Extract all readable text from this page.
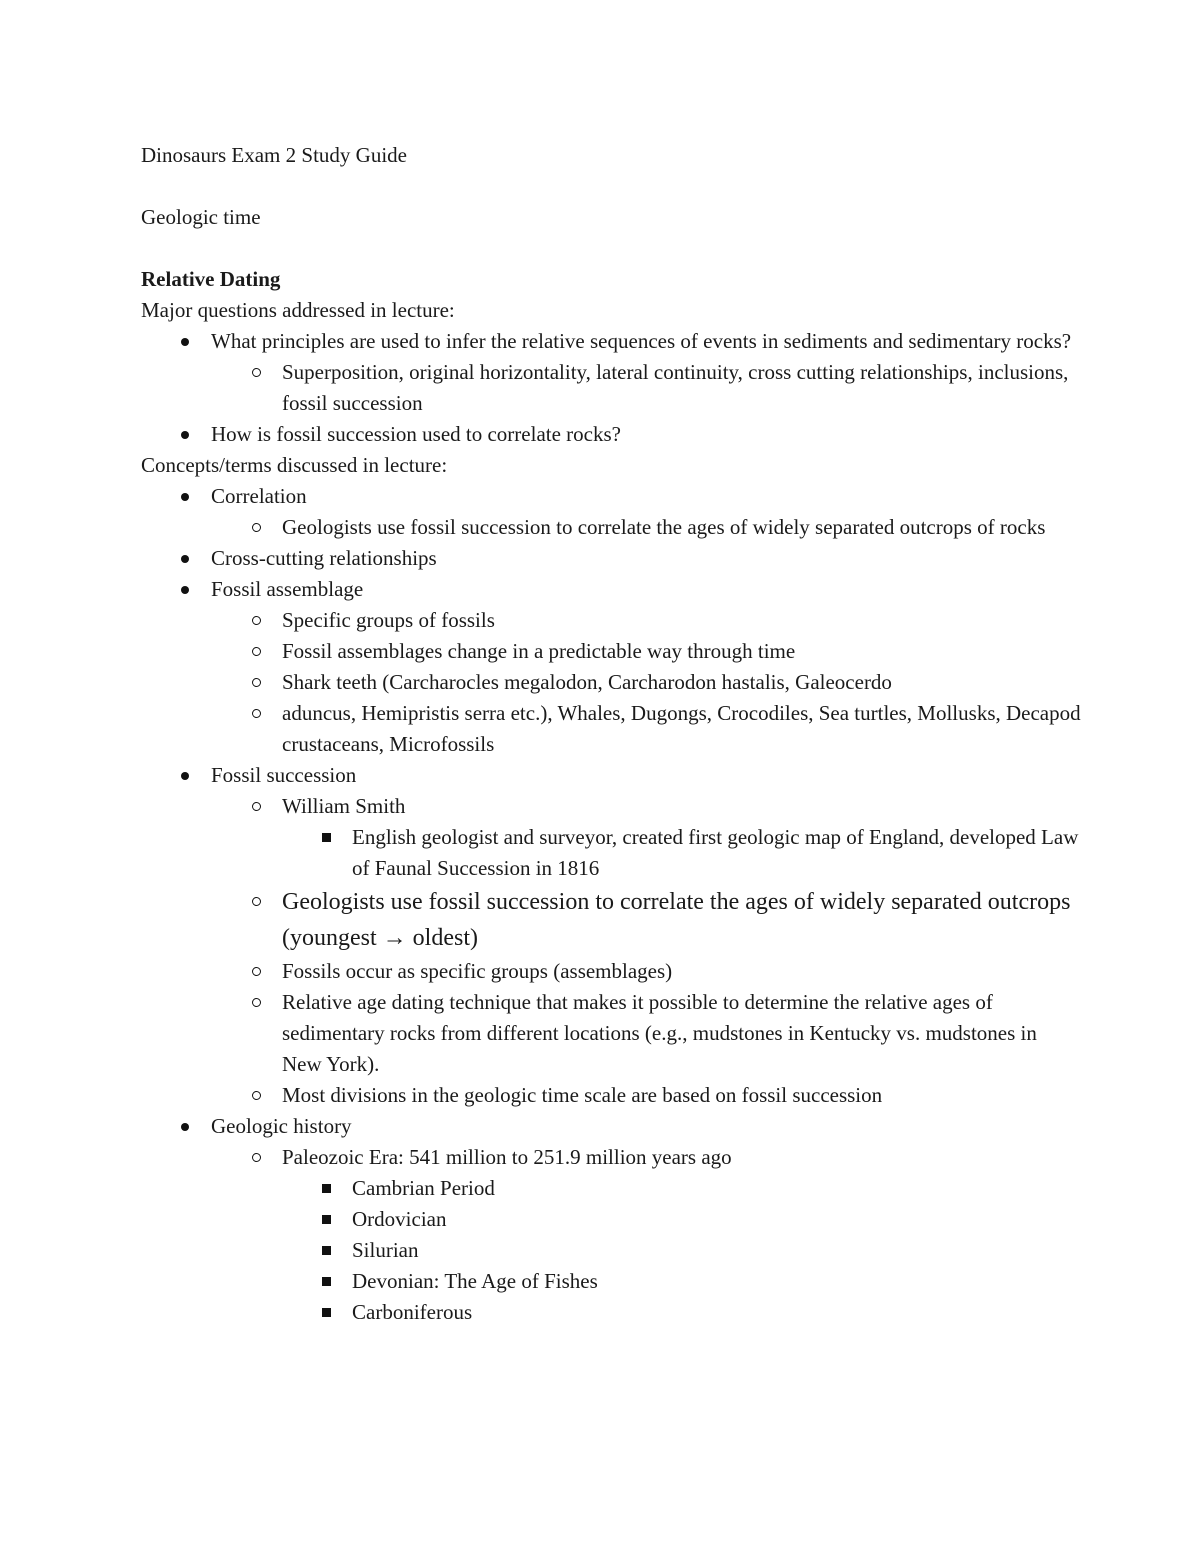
Dinosaurs Exam 2 Study Guide

Geologic time

Relative Dating

Major questions addressed in lecture:

What principles are used to infer the relative sequences of events in sediments and sedimentary rocks?
Superposition, original horizontality, lateral continuity, cross cutting relationships, inclusions, fossil succession
How is fossil succession used to correlate rocks?

Concepts/terms discussed in lecture:

Correlation
Geologists use fossil succession to correlate the ages of widely separated outcrops of rocks
Cross-cutting relationships
Fossil assemblage
Specific groups of fossils
Fossil assemblages change in a predictable way through time
Shark teeth (Carcharocles megalodon, Carcharodon hastalis, Galeocerdo
aduncus, Hemipristis serra etc.), Whales, Dugongs, Crocodiles, Sea turtles, Mollusks, Decapod crustaceans, Microfossils
Fossil succession
William Smith
English geologist and surveyor, created first geologic map of England, developed Law of Faunal Succession in 1816
Geologists use fossil succession to correlate the ages of widely separated outcrops (youngest → oldest)
Fossils occur as specific groups (assemblages)
Relative age dating technique that makes it possible to determine the relative ages of sedimentary rocks from different locations (e.g., mudstones in Kentucky vs. mudstones in New York).
Most divisions in the geologic time scale are based on fossil succession
Geologic history
Paleozoic Era: 541 million to 251.9 million years ago
Cambrian Period
Ordovician
Silurian
Devonian: The Age of Fishes
Carboniferous
